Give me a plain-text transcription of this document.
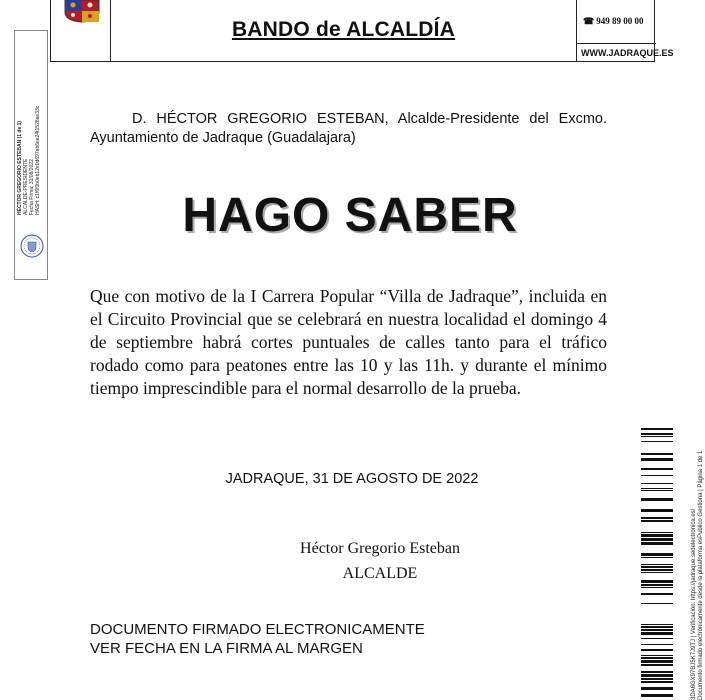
BANDO de ALCALDÍA	☎ 949 89 00 00
WWW.JADRAQUE.ES
HÉCTOR GREGORIO ESTEBAN (1 de 1) ALCALDE-PRESIDENTE Fecha Firma: 31/08/2022 HASH: c1f6f0b0eb12e0d697ab6ee24t1528ae33c	D. HÉCTOR GREGORIO ESTEBAN, Alcalde-Presidente del Excmo. Ayuntamiento de Jadraque (Guadalajara)

HAGO SABER

Que con motivo de la I Carrera Popular “Villa de Jadraque”, incluida en el Circuito Provincial que se celebrará en nuestra localidad el domingo 4 de septiembre habrá cortes puntuales de calles tanto para el tráfico rodado como para peatones entre las 10 y las 11h. y durante el mínimo tiempo imprescindible para el normal desarrollo de la prueba.

JADRAQUE, 31 DE AGOSTO DE 2022
Héctor Gregorio Esteban
ALCALDE
DOCUMENTO FIRMADO ELECTRONICAMENTE
VER FECHA EN LA FIRMA AL MARGEN	3DA6GX97BJ5K7J9TJ | Verificación: https://jadraque.sedelectronica.es/ Documento firmado electrónicamente desde la plataforma esPublico Gestiona | Página 1 de 1
